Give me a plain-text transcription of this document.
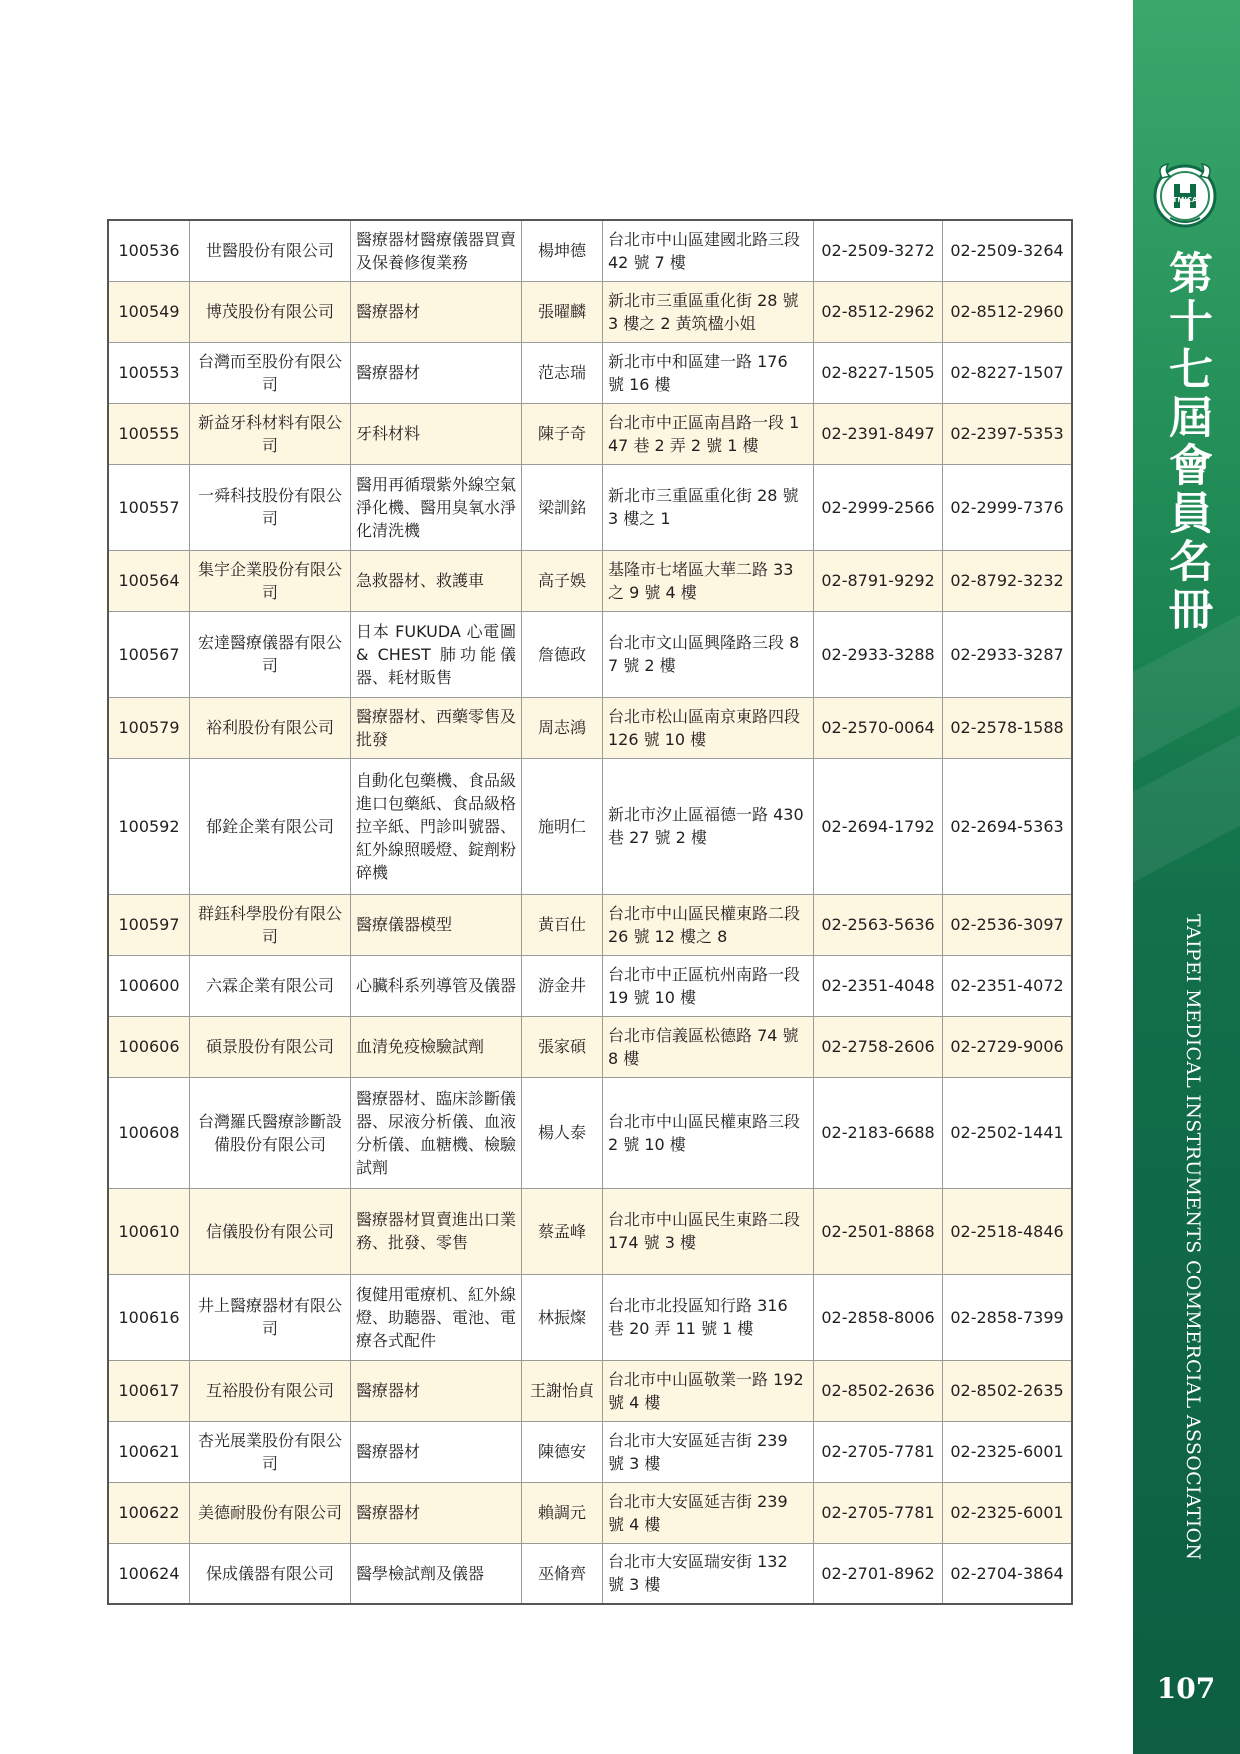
TMICA
第十七屆會員名冊
TAIPEI MEDICAL INSTRUMENTS COMMERCIAL ASSOCIATION
107
100536	世醫股份有限公司	醫療器材醫療儀器買賣及保養修復業務	楊坤德	台北市中山區建國北路三段 42 號 7 樓	02-2509-3272	02-2509-3264
100549	博茂股份有限公司	醫療器材	張曜麟	新北市三重區重化街 28 號 3 樓之 2 黃筑楹小姐	02-8512-2962	02-8512-2960
100553	台灣而至股份有限公司	醫療器材	范志瑞	新北市中和區建一路 176 號 16 樓	02-8227-1505	02-8227-1507
100555	新益牙科材料有限公司	牙科材料	陳子奇	台北市中正區南昌路一段 147 巷 2 弄 2 號 1 樓	02-2391-8497	02-2397-5353
100557	一舜科技股份有限公司	醫用再循環紫外線空氣淨化機、醫用臭氧水淨化清洗機	梁訓銘	新北市三重區重化街 28 號 3 樓之 1	02-2999-2566	02-2999-7376
100564	集宇企業股份有限公司	急救器材、救護車	高子娛	基隆市七堵區大華二路 33 之 9 號 4 樓	02-8791-9292	02-8792-3232
100567	宏達醫療儀器有限公司	日本 FUKUDA 心電圖 & CHEST 肺功能儀器、耗材販售	詹德政	台北市文山區興隆路三段 87 號 2 樓	02-2933-3288	02-2933-3287
100579	裕利股份有限公司	醫療器材、西藥零售及批發	周志鴻	台北市松山區南京東路四段 126 號 10 樓	02-2570-0064	02-2578-1588
100592	郁銓企業有限公司	自動化包藥機、食品級進口包藥紙、食品級格拉辛紙、門診叫號器、紅外線照暖燈、錠劑粉碎機	施明仁	新北市汐止區福德一路 430 巷 27 號 2 樓	02-2694-1792	02-2694-5363
100597	群鈺科學股份有限公司	醫療儀器模型	黃百仕	台北市中山區民權東路二段 26 號 12 樓之 8	02-2563-5636	02-2536-3097
100600	六霖企業有限公司	心臟科系列導管及儀器	游金井	台北市中正區杭州南路一段 19 號 10 樓	02-2351-4048	02-2351-4072
100606	碩景股份有限公司	血清免疫檢驗試劑	張家碩	台北市信義區松德路 74 號 8 樓	02-2758-2606	02-2729-9006
100608	台灣羅氏醫療診斷設備股份有限公司	醫療器材、臨床診斷儀器、尿液分析儀、血液分析儀、血糖機、檢驗試劑	楊人泰	台北市中山區民權東路三段 2 號 10 樓	02-2183-6688	02-2502-1441
100610	信儀股份有限公司	醫療器材買賣進出口業務、批發、零售	蔡孟峰	台北市中山區民生東路二段 174 號 3 樓	02-2501-8868	02-2518-4846
100616	井上醫療器材有限公司	復健用電療机、紅外線燈、助聽器、電池、電療各式配件	林振燦	台北市北投區知行路 316 巷 20 弄 11 號 1 樓	02-2858-8006	02-2858-7399
100617	互裕股份有限公司	醫療器材	王謝怡貞	台北市中山區敬業一路 192 號 4 樓	02-8502-2636	02-8502-2635
100621	杏光展業股份有限公司	醫療器材	陳德安	台北市大安區延吉街 239 號 3 樓	02-2705-7781	02-2325-6001
100622	美德耐股份有限公司	醫療器材	賴調元	台北市大安區延吉街 239 號 4 樓	02-2705-7781	02-2325-6001
100624	保成儀器有限公司	醫學檢試劑及儀器	巫脩齊	台北市大安區瑞安街 132 號 3 樓	02-2701-8962	02-2704-3864
